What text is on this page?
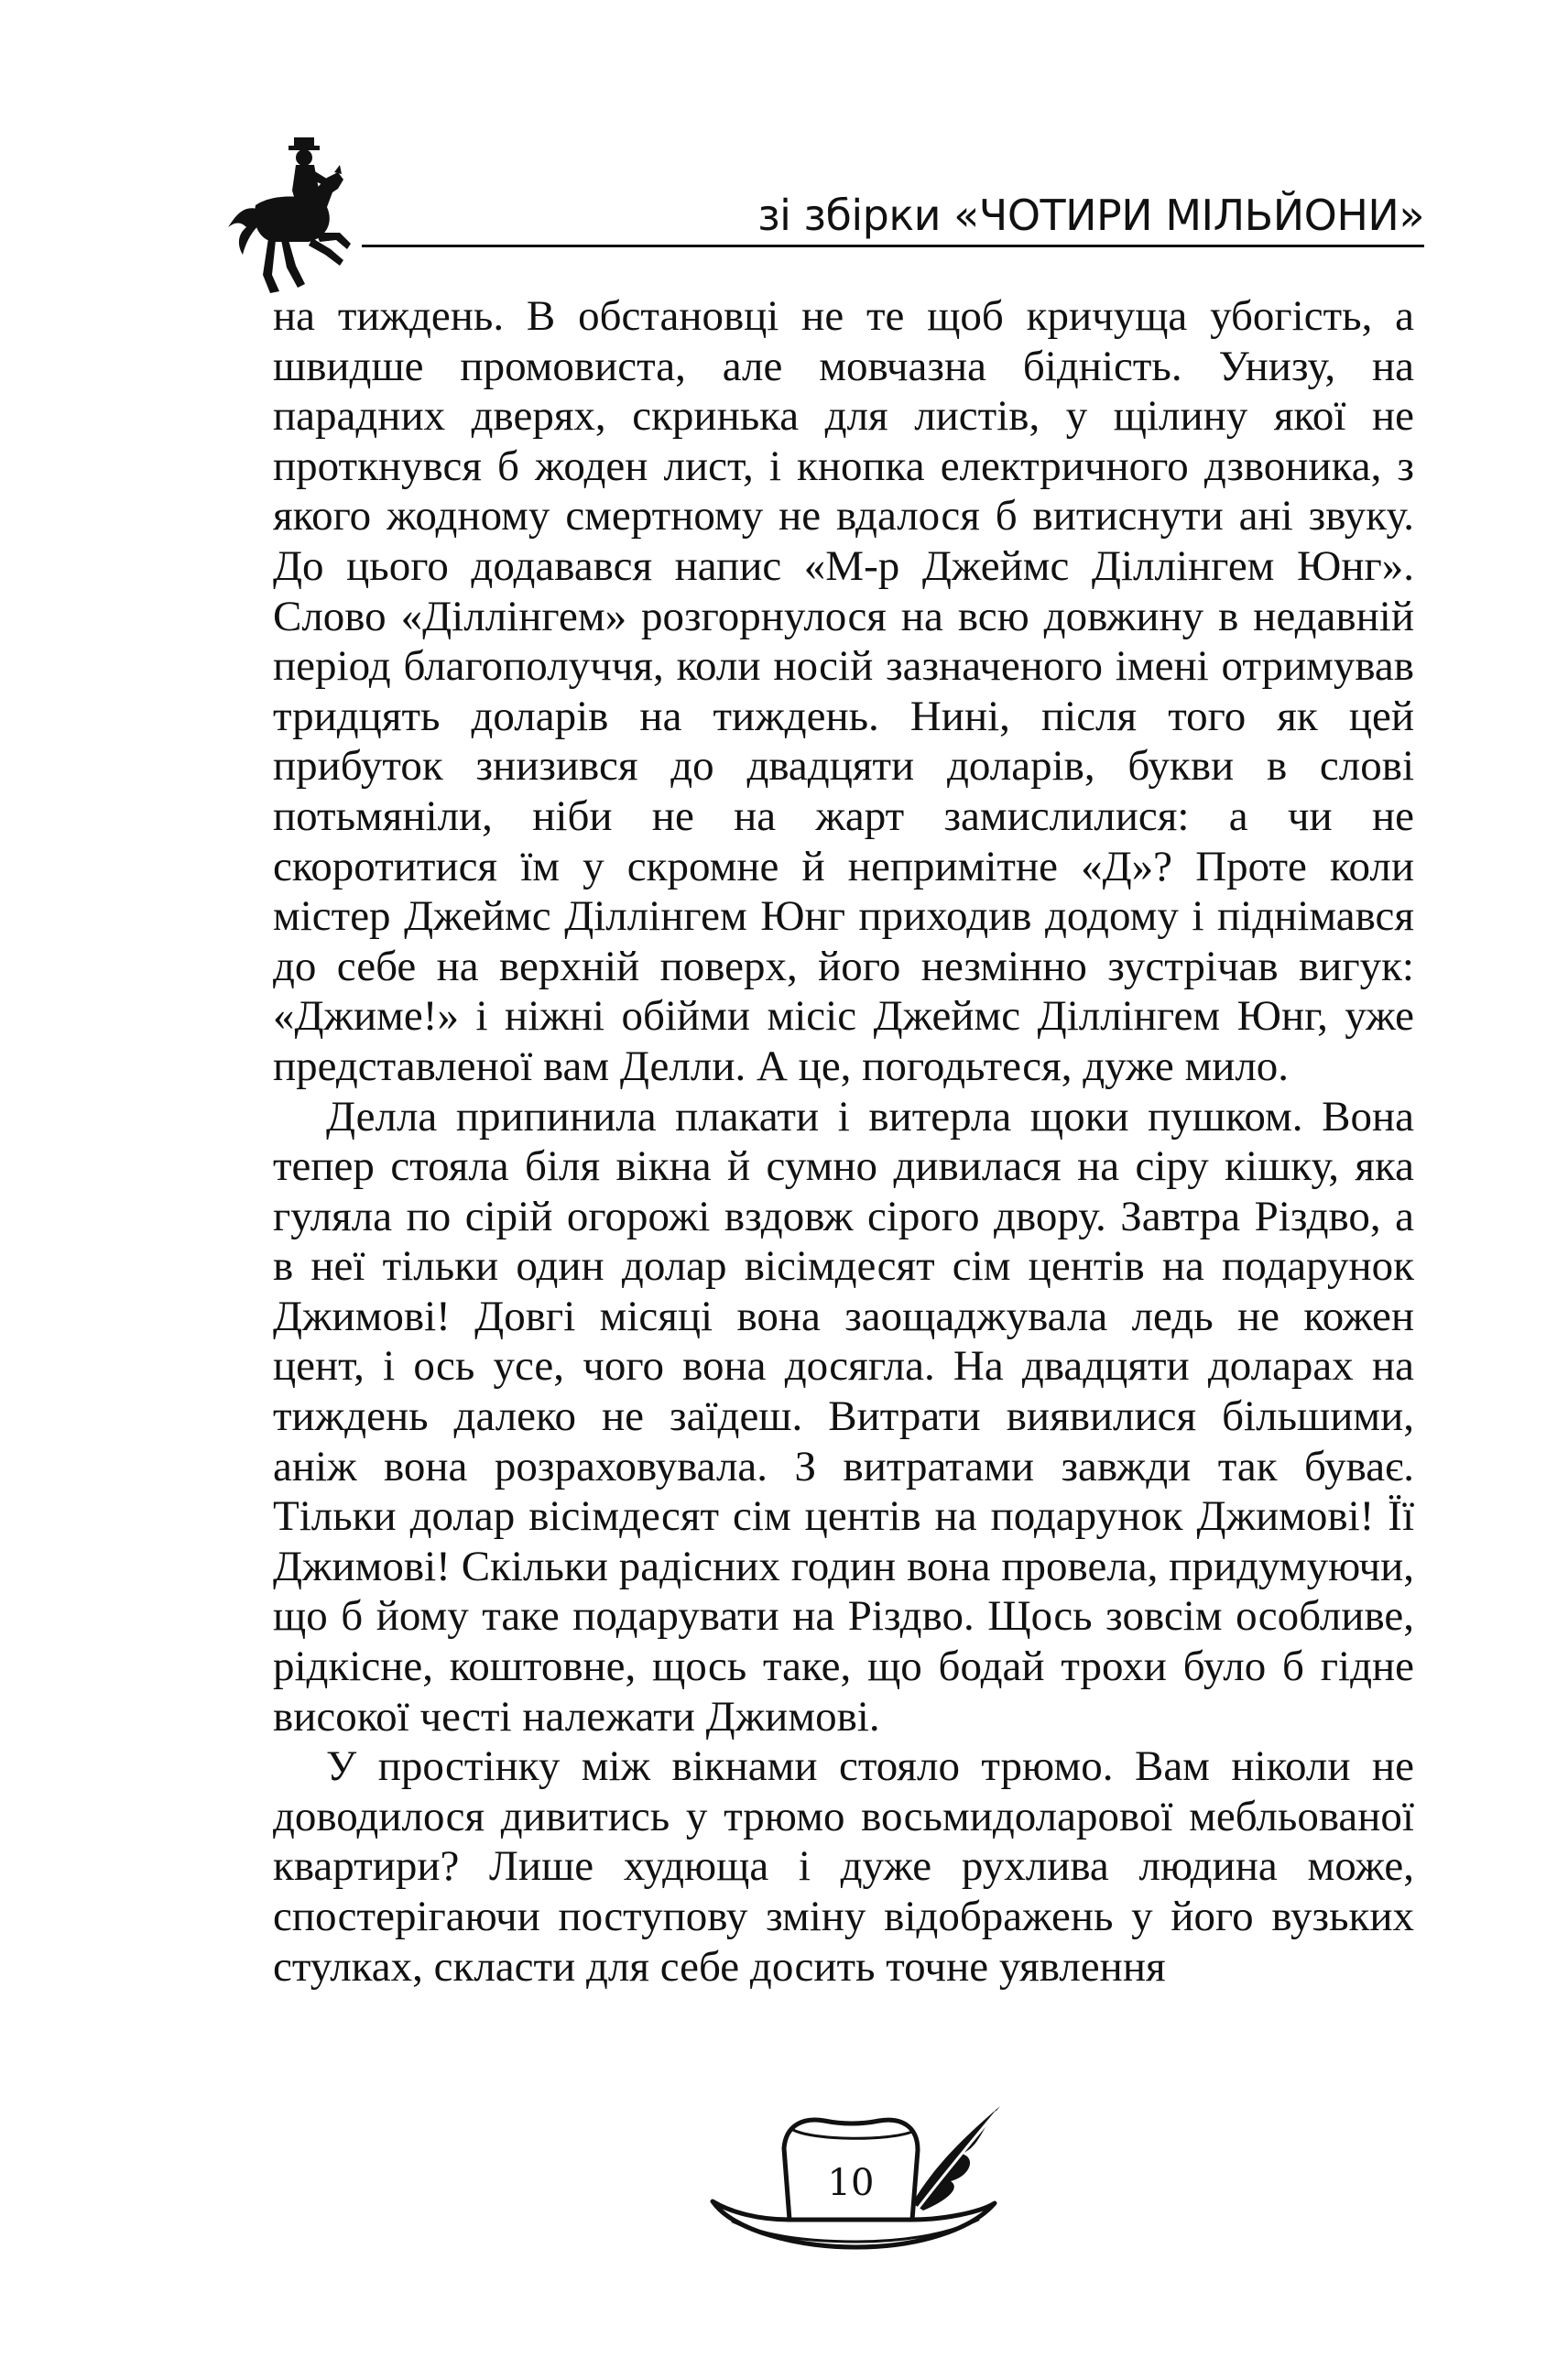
зі збірки «ЧОТИРИ МІЛЬЙОНИ»

на тиждень. В обстановці не те щоб кричуща убогість, а швидше промовиста, але мовчазна бідність. Унизу, на парадних дверях, скринька для листів, у щілину якої не проткнувся б жоден лист, і кнопка електричного дзвоника, з якого жодному смертному не вдалося б витиснути ані звуку. До цього додавався напис «М-р Джеймс Діллінгем Юнг». Слово «Діллінгем» розгорнулося на всю довжину в недавній період благополуччя, коли носій зазначеного імені отримував тридцять доларів на тиждень. Нині, після того як цей прибуток знизився до двадцяти доларів, букви в слові потьмяніли, ніби не на жарт замислилися: а чи не скоротитися їм у скромне й непримітне «Д»? Проте коли містер Джеймс Діллінгем Юнг приходив додому і піднімався до себе на верхній поверх, його незмінно зустрічав вигук: «Джиме!» і ніжні обійми місіс Джеймс Діллінгем Юнг, уже представленої вам Делли. А це, погодьтеся, дуже мило.

Делла припинила плакати і витерла щоки пушком. Вона тепер стояла біля вікна й сумно дивилася на сіру кішку, яка гуляла по сірій огорожі вздовж сірого двору. Завтра Різдво, а в неї тільки один долар вісімдесят сім центів на подарунок Джимові! Довгі місяці вона заощаджувала ледь не кожен цент, і ось усе, чого вона досягла. На двадцяти доларах на тиждень далеко не заїдеш. Витрати виявилися більшими, аніж вона розраховувала. З витратами завжди так буває. Тільки долар вісімдесят сім центів на подарунок Джимові! Її Джимові! Скільки радісних годин вона провела, придумуючи, що б йому таке подарувати на Різдво. Щось зовсім особливе, рідкісне, коштовне, щось таке, що бодай трохи було б гідне високої честі належати Джимові.

У простінку між вікнами стояло трюмо. Вам ніколи не доводилося дивитись у трюмо восьмидоларової мебльованої квартири? Лише худюща і дуже рухлива людина може, спостерігаючи поступову зміну відображень у його вузьких стулках, скласти для себе досить точне уявлення

10
